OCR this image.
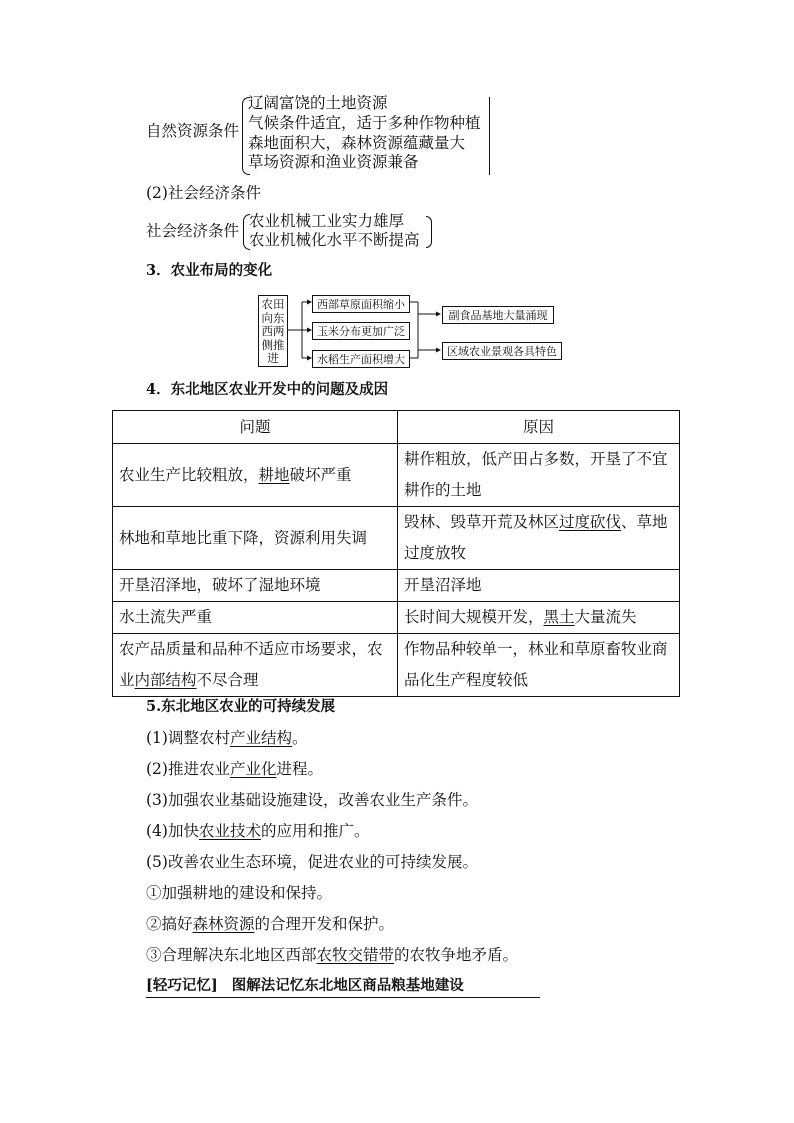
自然资源条件
辽阔富饶的土地资源
气候条件适宜，适于多种作物种植
森地面积大，森林资源蕴藏量大
草场资源和渔业资源兼备
(2)社会经济条件
社会经济条件
农业机械工业实力雄厚
农业机械化水平不断提高
3．农业布局的变化
农田
向东
西两
侧推
进
西部草原面积缩小
玉米分布更加广泛
水稻生产面积增大
副食品基地大量涌现
区域农业景观各具特色
4．东北地区农业开发中的问题及成因
问题	原因
农业生产比较粗放，耕地破坏严重	耕作粗放，低产田占多数，开垦了不宜
耕作的土地
林地和草地比重下降，资源利用失调	毁林、毁草开荒及林区过度砍伐、草地
过度放牧
开垦沼泽地，破坏了湿地环境	开垦沼泽地
水土流失严重	长时间大规模开发，黑土大量流失
农产品质量和品种不适应市场要求，农
业内部结构不尽合理	作物品种较单一，林业和草原畜牧业商
品化生产程度较低
5.东北地区农业的可持续发展
(1)调整农村产业结构。
(2)推进农业产业化进程。
(3)加强农业基础设施建设，改善农业生产条件。
(4)加快农业技术的应用和推广。
(5)改善农业生态环境，促进农业的可持续发展。
①加强耕地的建设和保持。
②搞好森林资源的合理开发和保护。
③合理解决东北地区西部农牧交错带的农牧争地矛盾。
[轻巧记忆] 图解法记忆东北地区商品粮基地建设
